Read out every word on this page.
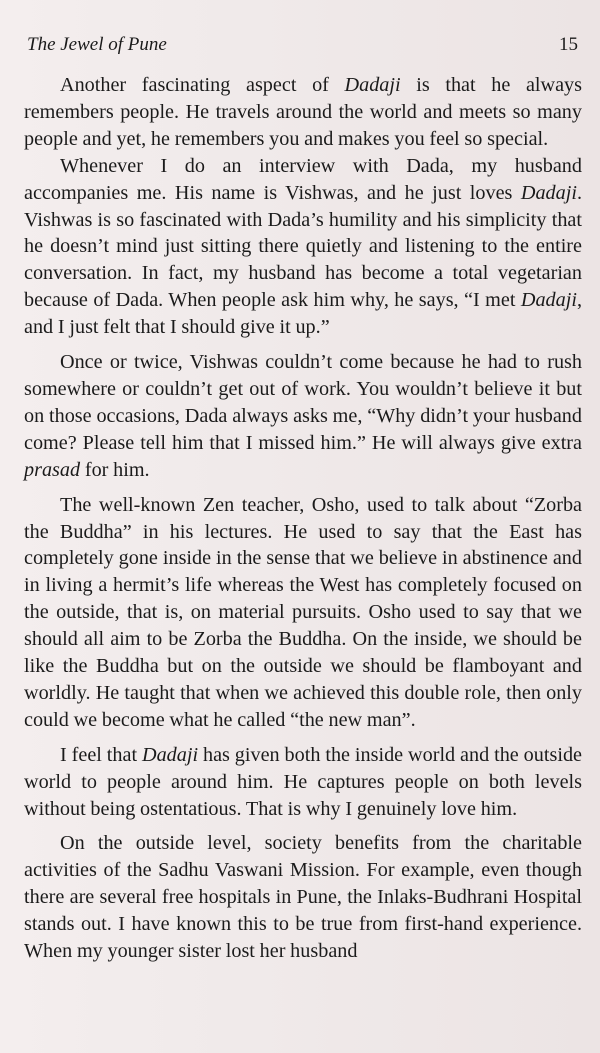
The Jewel of Pune	15

Another fascinating aspect of Dadaji is that he always remembers people. He travels around the world and meets so many people and yet, he remembers you and makes you feel so special.

Whenever I do an interview with Dada, my husband accompanies me. His name is Vishwas, and he just loves Dadaji. Vishwas is so fascinated with Dada’s humility and his simplicity that he doesn’t mind just sitting there quietly and listening to the entire conversation. In fact, my husband has become a total vegetarian because of Dada. When people ask him why, he says, “I met Dadaji, and I just felt that I should give it up.”

Once or twice, Vishwas couldn’t come because he had to rush somewhere or couldn’t get out of work. You wouldn’t believe it but on those occasions, Dada always asks me, “Why didn’t your husband come? Please tell him that I missed him.” He will always give extra prasad for him.

The well-known Zen teacher, Osho, used to talk about “Zorba the Buddha” in his lectures. He used to say that the East has completely gone inside in the sense that we believe in abstinence and in living a hermit’s life whereas the West has completely focused on the outside, that is, on material pursuits. Osho used to say that we should all aim to be Zorba the Buddha. On the inside, we should be like the Buddha but on the outside we should be flamboyant and worldly. He taught that when we achieved this double role, then only could we become what he called “the new man”.

I feel that Dadaji has given both the inside world and the outside world to people around him. He captures people on both levels without being ostentatious. That is why I genuinely love him.

On the outside level, society benefits from the charitable activities of the Sadhu Vaswani Mission. For example, even though there are several free hospitals in Pune, the Inlaks-Budhrani Hospital stands out. I have known this to be true from first-hand experience. When my younger sister lost her husband
